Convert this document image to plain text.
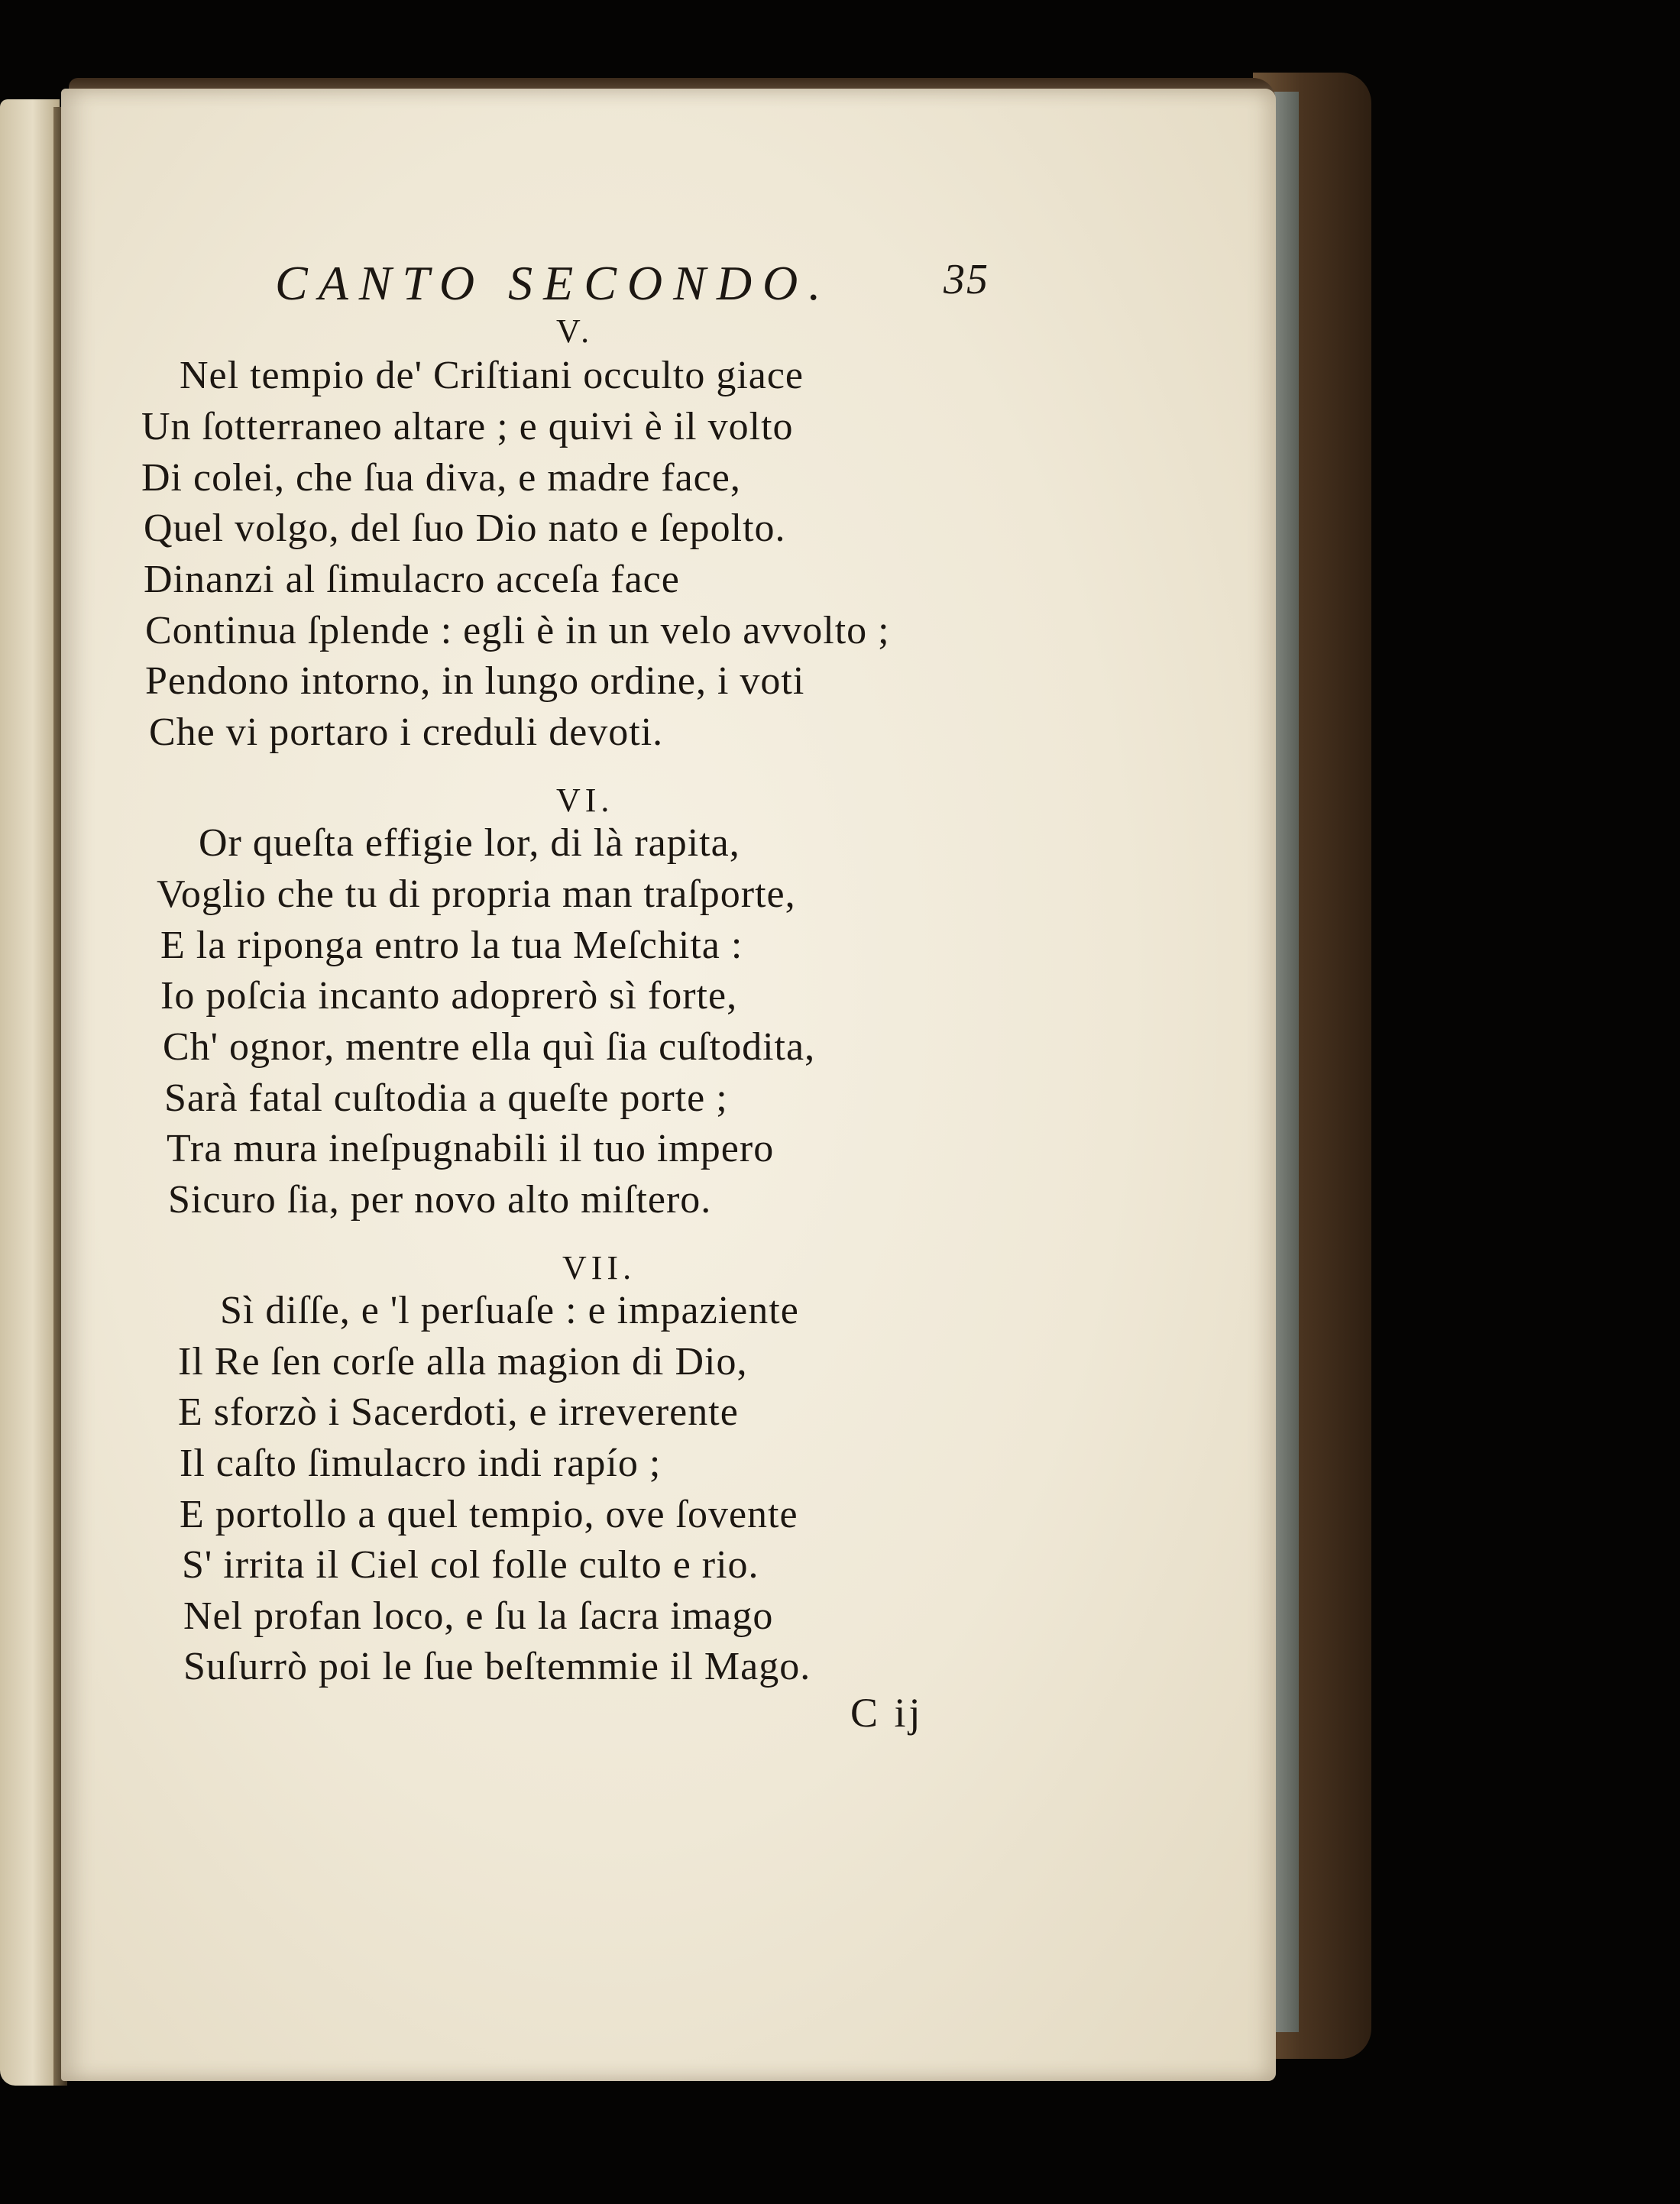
CANTO SECONDO.	35
V.
Nel tempio de' Criſtiani occulto giace
Un ſotterraneo altare ; e quivi è il volto
Di colei, che ſua diva, e madre face,
Quel volgo, del ſuo Dio nato e ſepolto.
Dinanzi al ſimulacro acceſa face
Continua ſplende : egli è in un velo avvolto ;
Pendono intorno, in lungo ordine, i voti
Che vi portaro i creduli devoti.
VI.
Or queſta effigie lor, di là rapita,
Voglio che tu di propria man traſporte,
E la riponga entro la tua Meſchita :
Io poſcia incanto adoprerò sì forte,
Ch' ognor, mentre ella quì ſia cuſtodita,
Sarà fatal cuſtodia a queſte porte ;
Tra mura ineſpugnabili il tuo impero
Sicuro ſia, per novo alto miſtero.
VII.
Sì diſſe, e 'l perſuaſe : e impaziente
Il Re ſen corſe alla magion di Dio,
E sforzò i Sacerdoti, e irreverente
Il caſto ſimulacro indi rapío ;
E portollo a quel tempio, ove ſovente
S' irrita il Ciel col folle culto e rio.
Nel profan loco, e ſu la ſacra imago
Suſurrò poi le ſue beſtemmie il Mago.
C ij
